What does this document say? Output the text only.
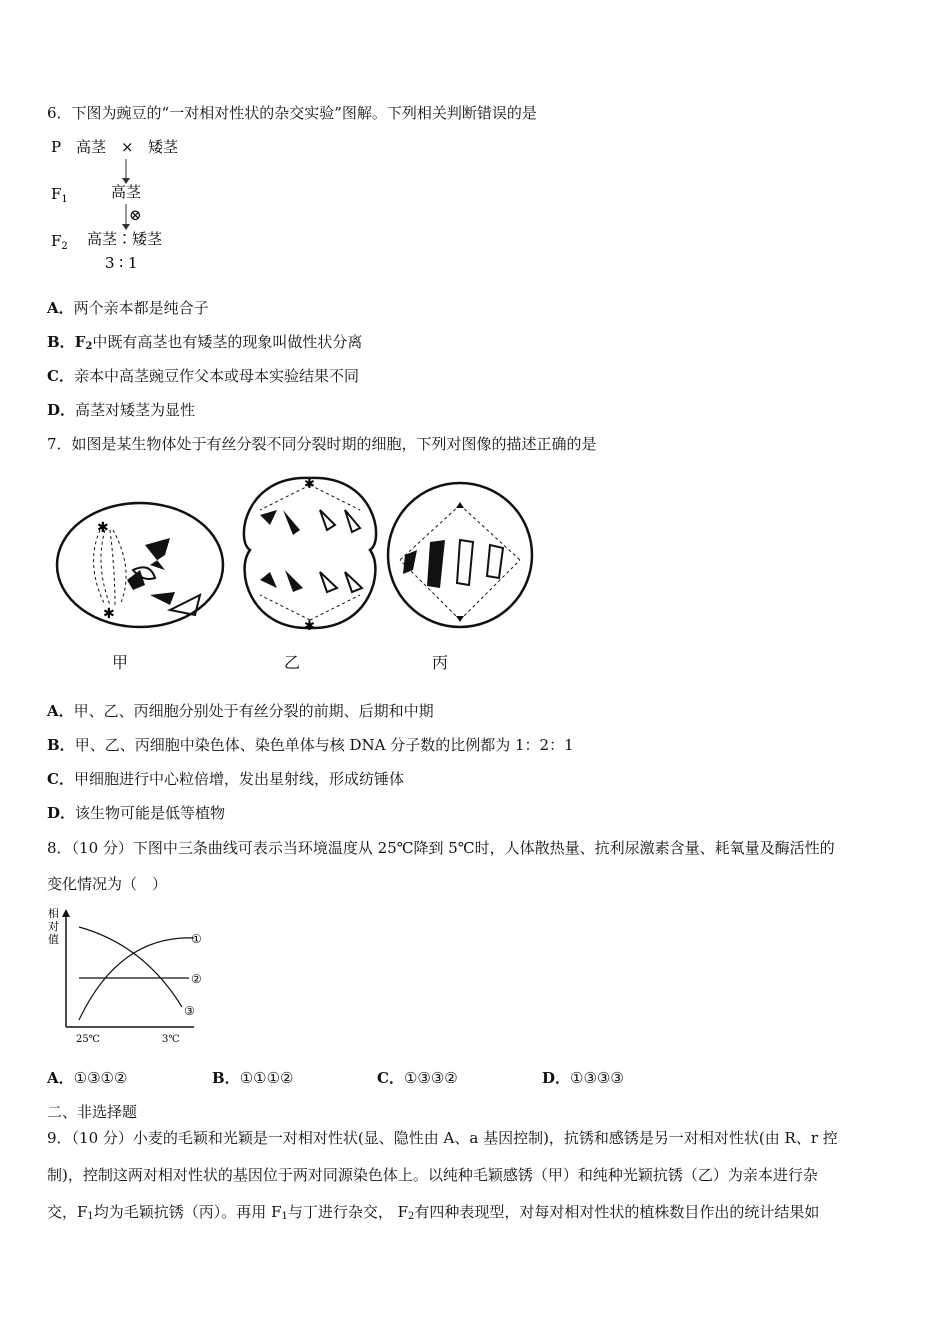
6．下图为豌豆的“一对相对性状的杂交实验”图解。下列相关判断错误的是
P 高茎 × 矮茎
$F_1$	高茎
⊗
$F_2$ 高茎∶矮茎
3 ∶ 1
A．两个亲本都是纯合子
B．$F_2$中既有高茎也有矮茎的现象叫做性状分离
C．亲本中高茎豌豆作父本或母本实验结果不同
D．高茎对矮茎为显性
7．如图是某生物体处于有丝分裂不同分裂时期的细胞，下列对图像的描述正确的是
✱
✱
✱
✱
甲	乙	丙
A．甲、乙、丙细胞分别处于有丝分裂的前期、后期和中期
B．甲、乙、丙细胞中染色体、染色单体与核 DNA 分子数的比例都为 1：2：1
C．甲细胞进行中心粒倍增，发出星射线，形成纺锤体
D．该生物可能是低等植物
8．（10 分）下图中三条曲线可表示当环境温度从 25℃降到 5℃时，人体散热量、抗利尿激素含量、耗氧量及酶活性的
变化情况为（　）
相
对
值	①
②
③
25℃	3℃
A．①③①②	B．①①①②	C．①③③②	D．①③③③
二、非选择题
9．（10 分）小麦的毛颖和光颖是一对相对性状(显、隐性由 A、a 基因控制)，抗锈和感锈是另一对相对性状(由 R、r 控
制)，控制这两对相对性状的基因位于两对同源染色体上。以纯种毛颖感锈（甲）和纯种光颖抗锈（乙）为亲本进行杂
交，$F_1$均为毛颖抗锈（丙）。再用 $F_1$与丁进行杂交， $F_2$有四种表现型，对每对相对性状的植株数目作出的统计结果如
